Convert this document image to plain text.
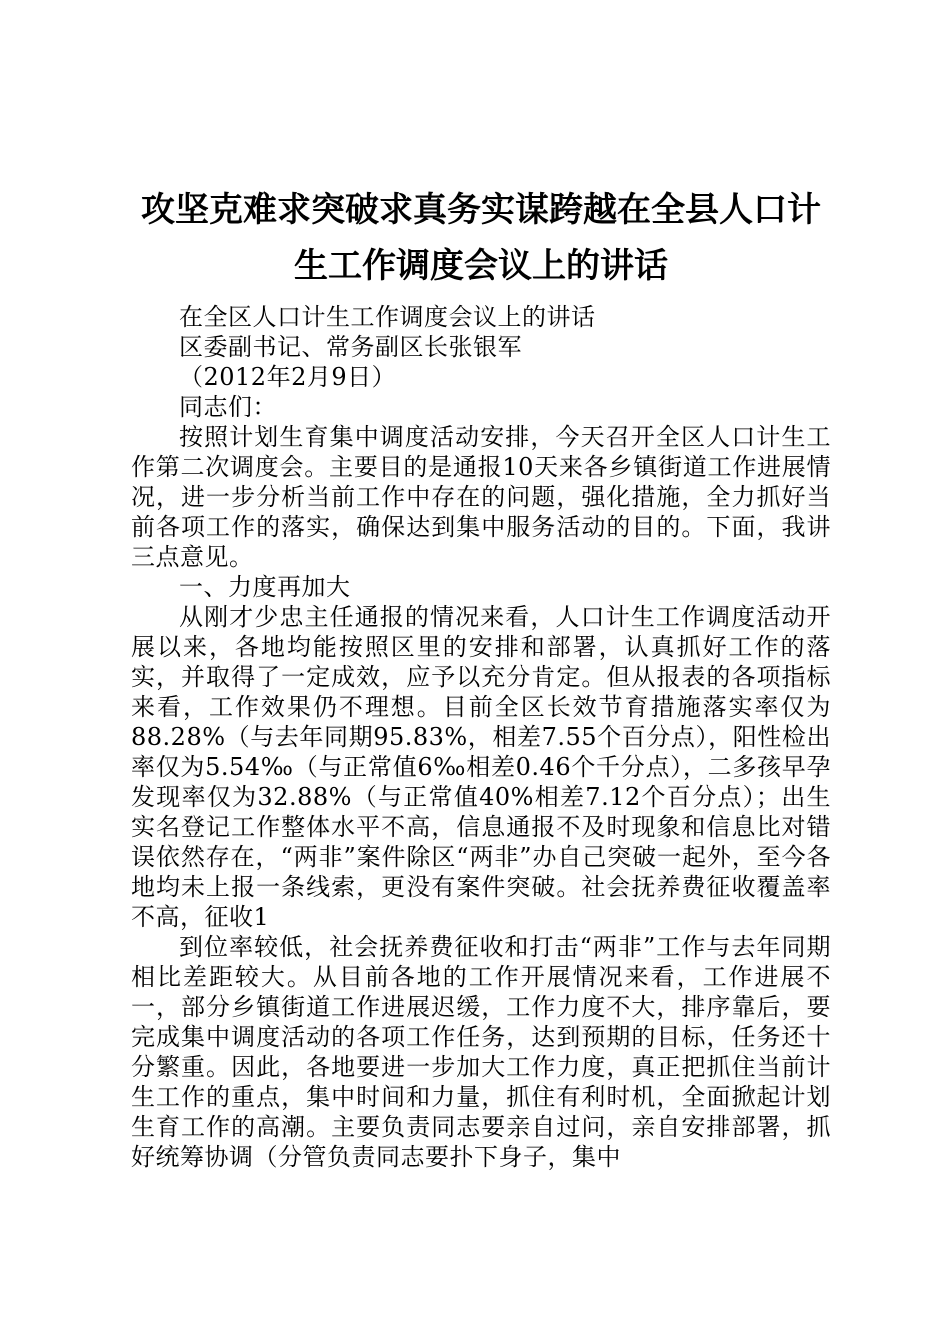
攻坚克难求突破求真务实谋跨越在全县人口计
生工作调度会议上的讲话

在全区人口计生工作调度会议上的讲话

区委副书记、常务副区长张银军

（2012年2月9日）

同志们：

按照计划生育集中调度活动安排，今天召开全区人口计生工作第二次调度会。主要目的是通报10天来各乡镇街道工作进展情况，进一步分析当前工作中存在的问题，强化措施，全力抓好当前各项工作的落实，确保达到集中服务活动的目的。下面，我讲三点意见。

一、力度再加大

从刚才少忠主任通报的情况来看，人口计生工作调度活动开展以来，各地均能按照区里的安排和部署，认真抓好工作的落实，并取得了一定成效，应予以充分肯定。但从报表的各项指标来看，工作效果仍不理想。目前全区长效节育措施落实率仅为88.28%（与去年同期95.83%，相差7.55个百分点），阳性检出率仅为5.54‰（与正常值6‰相差0.46个千分点），二多孩早孕发现率仅为32.88%（与正常值40%相差7.12个百分点）；出生实名登记工作整体水平不高，信息通报不及时现象和信息比对错误依然存在，“两非”案件除区“两非”办自己突破一起外，至今各地均未上报一条线索，更没有案件突破。社会抚养费征收覆盖率不高，征收1

到位率较低，社会抚养费征收和打击“两非”工作与去年同期相比差距较大。从目前各地的工作开展情况来看，工作进展不一，部分乡镇街道工作进展迟缓，工作力度不大，排序靠后，要完成集中调度活动的各项工作任务，达到预期的目标，任务还十分繁重。因此，各地要进一步加大工作力度，真正把抓住当前计生工作的重点，集中时间和力量，抓住有利时机，全面掀起计划生育工作的高潮。主要负责同志要亲自过问，亲自安排部署，抓好统筹协调（分管负责同志要扑下身子，集中
